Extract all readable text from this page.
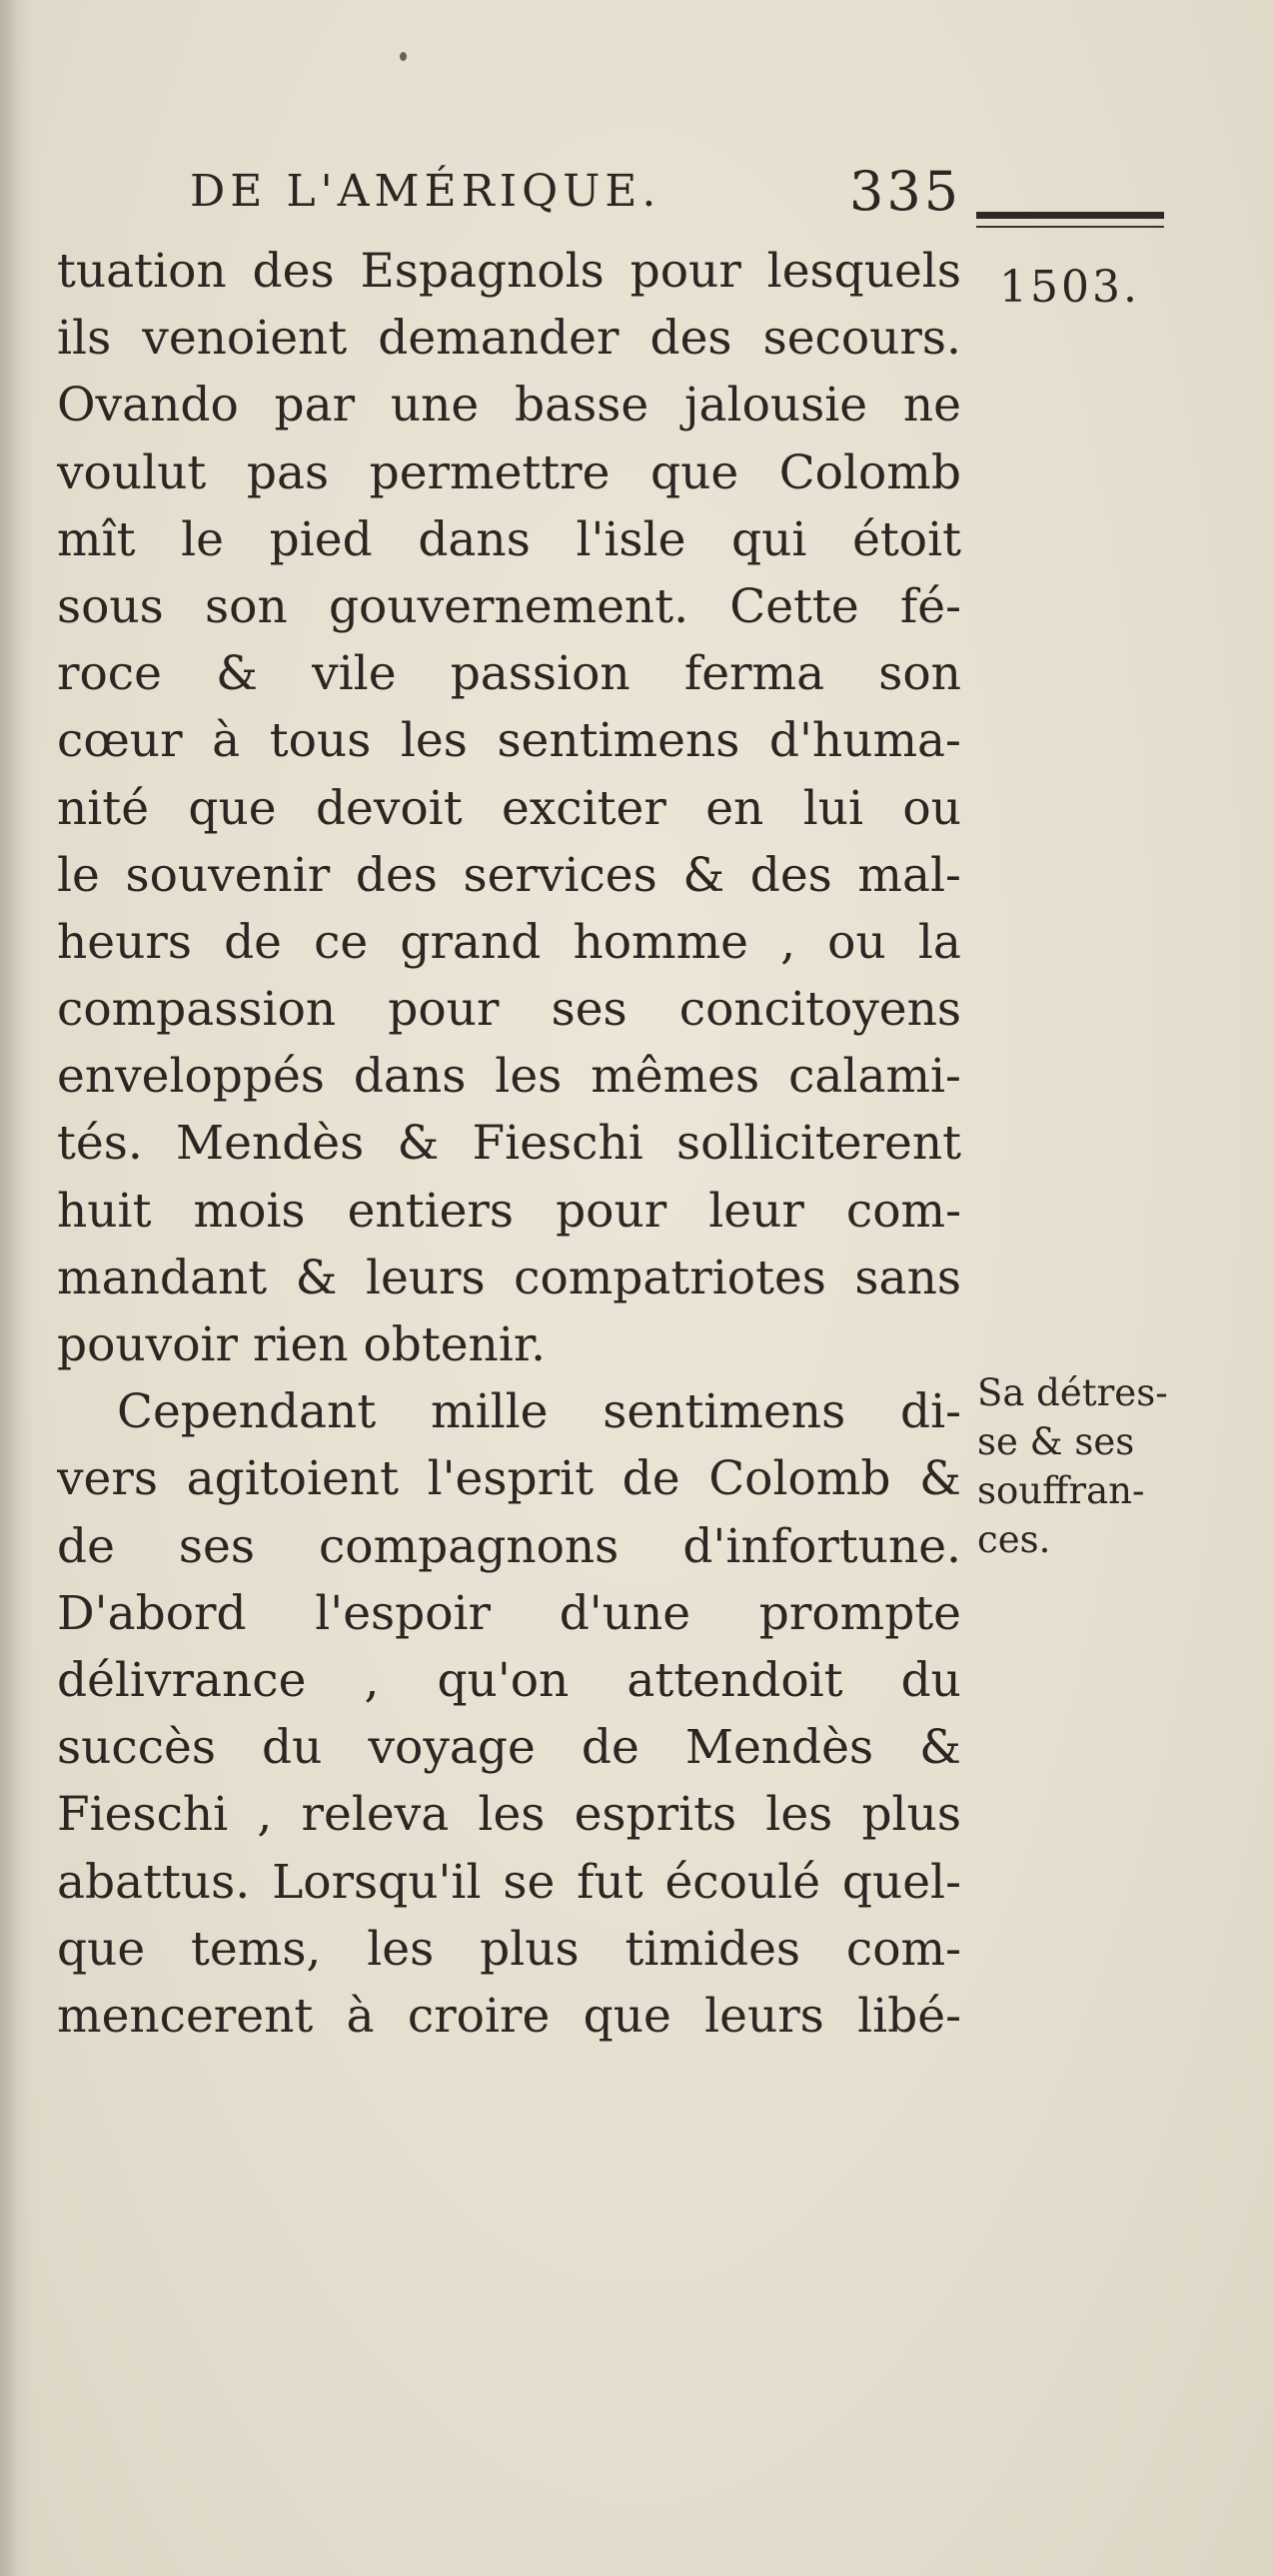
DE L'AMÉRIQUE.	335
1503.
tuation des Espagnols pour lesquels
ils venoient demander des secours.
Ovando par une basse jalousie ne
voulut pas permettre que Colomb
mît le pied dans l'isle qui étoit
sous son gouvernement. Cette fé-
roce & vile passion ferma son
cœur à tous les sentimens d'huma-
nité que devoit exciter en lui ou
le souvenir des services & des mal-
heurs de ce grand homme , ou la
compassion pour ses concitoyens
enveloppés dans les mêmes calami-
tés. Mendès & Fieschi solliciterent
huit mois entiers pour leur com-
mandant & leurs compatriotes sans
pouvoir rien obtenir.
Cependant mille sentimens di-
vers agitoient l'esprit de Colomb &
de ses compagnons d'infortune.
D'abord l'espoir d'une prompte
délivrance , qu'on attendoit du
succès du voyage de Mendès &
Fieschi , releva les esprits les plus
abattus. Lorsqu'il se fut écoulé quel-
que tems, les plus timides com-
mencerent à croire que leurs libé-
Sa détres-
se & ses
souffran-
ces.
